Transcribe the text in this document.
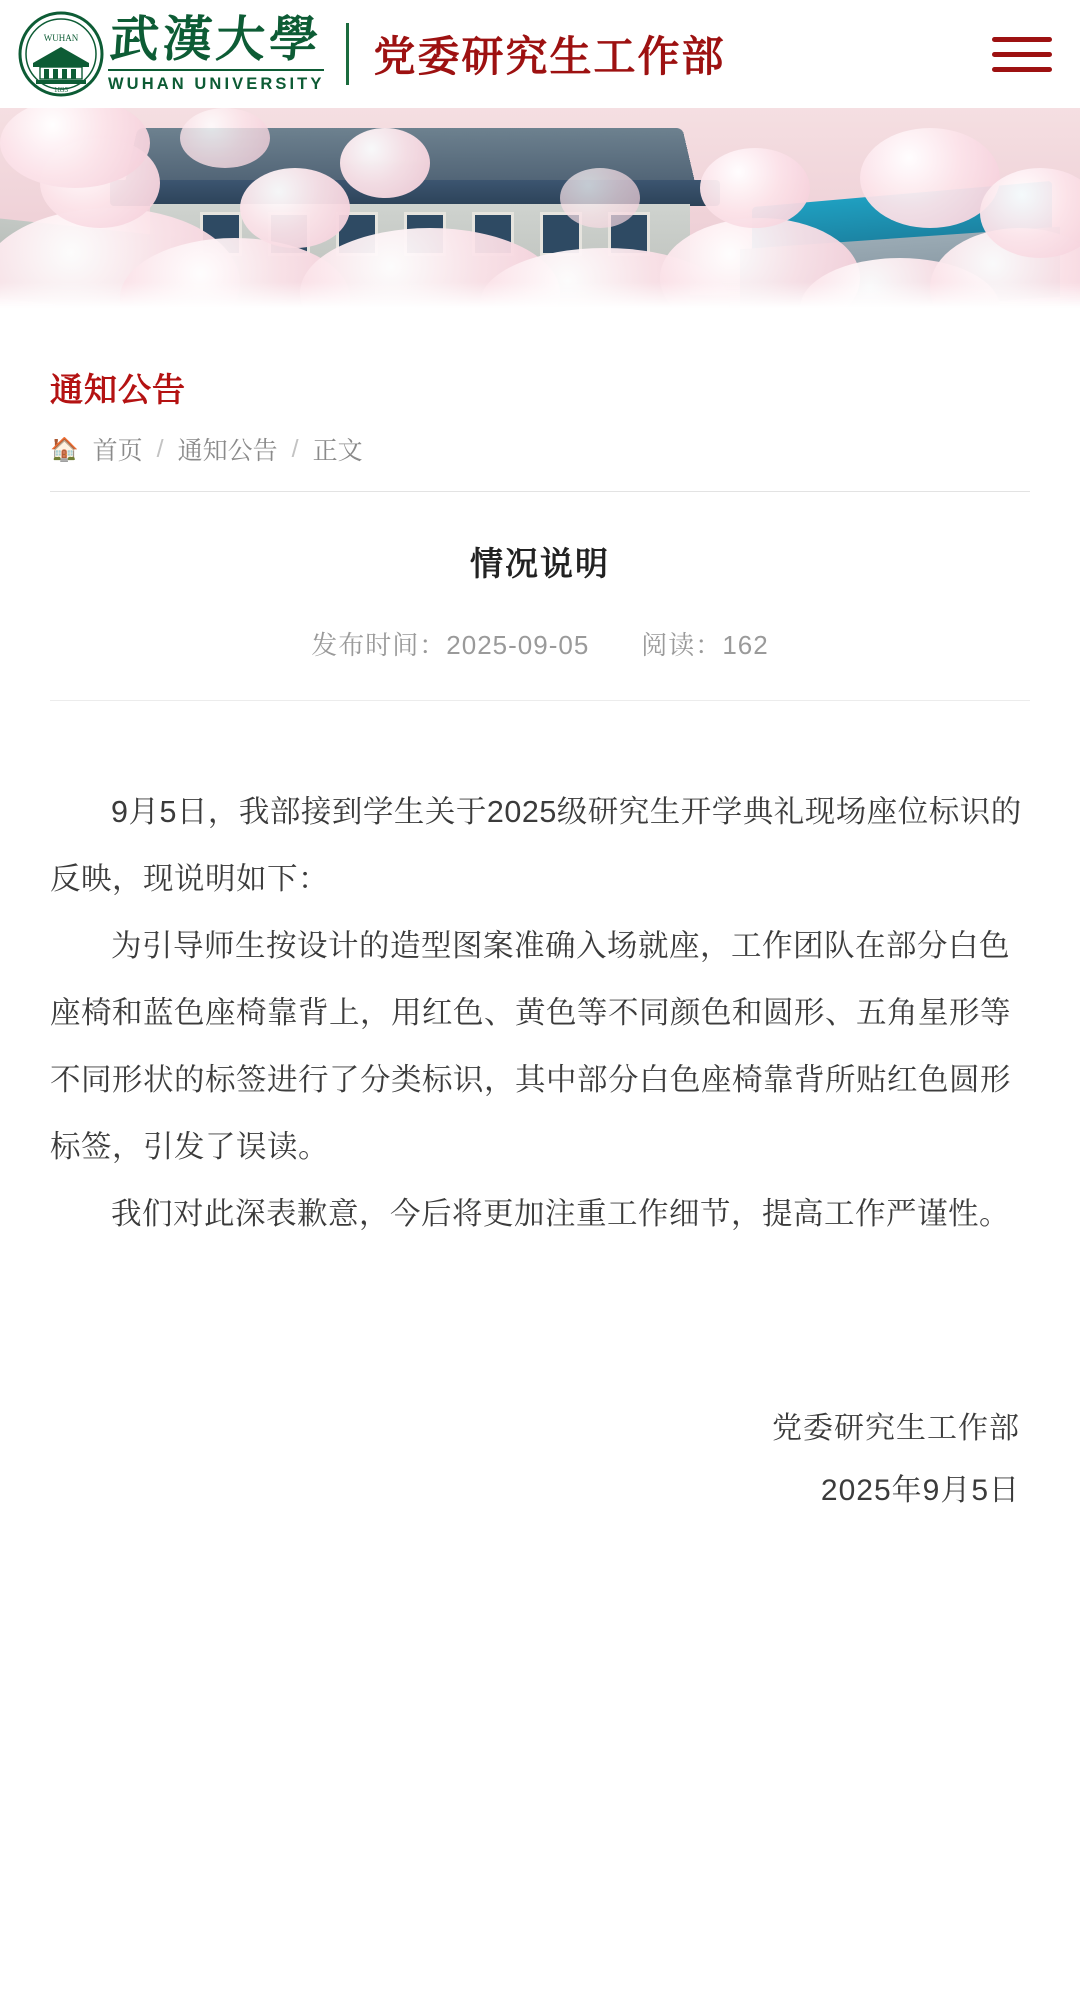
WUHAN
1893
武漢大學
WUHAN UNIVERSITY
党委研究生工作部
通知公告
🏠 首页 / 通知公告 / 正文
情况说明
发布时间：2025-09-05 阅读：162

9月5日，我部接到学生关于2025级研究生开学典礼现场座位标识的反映，现说明如下：

为引导师生按设计的造型图案准确入场就座，工作团队在部分白色座椅和蓝色座椅靠背上，用红色、黄色等不同颜色和圆形、五角星形等不同形状的标签进行了分类标识，其中部分白色座椅靠背所贴红色圆形标签，引发了误读。

我们对此深表歉意，今后将更加注重工作细节，提高工作严谨性。

党委研究生工作部
2025年9月5日
